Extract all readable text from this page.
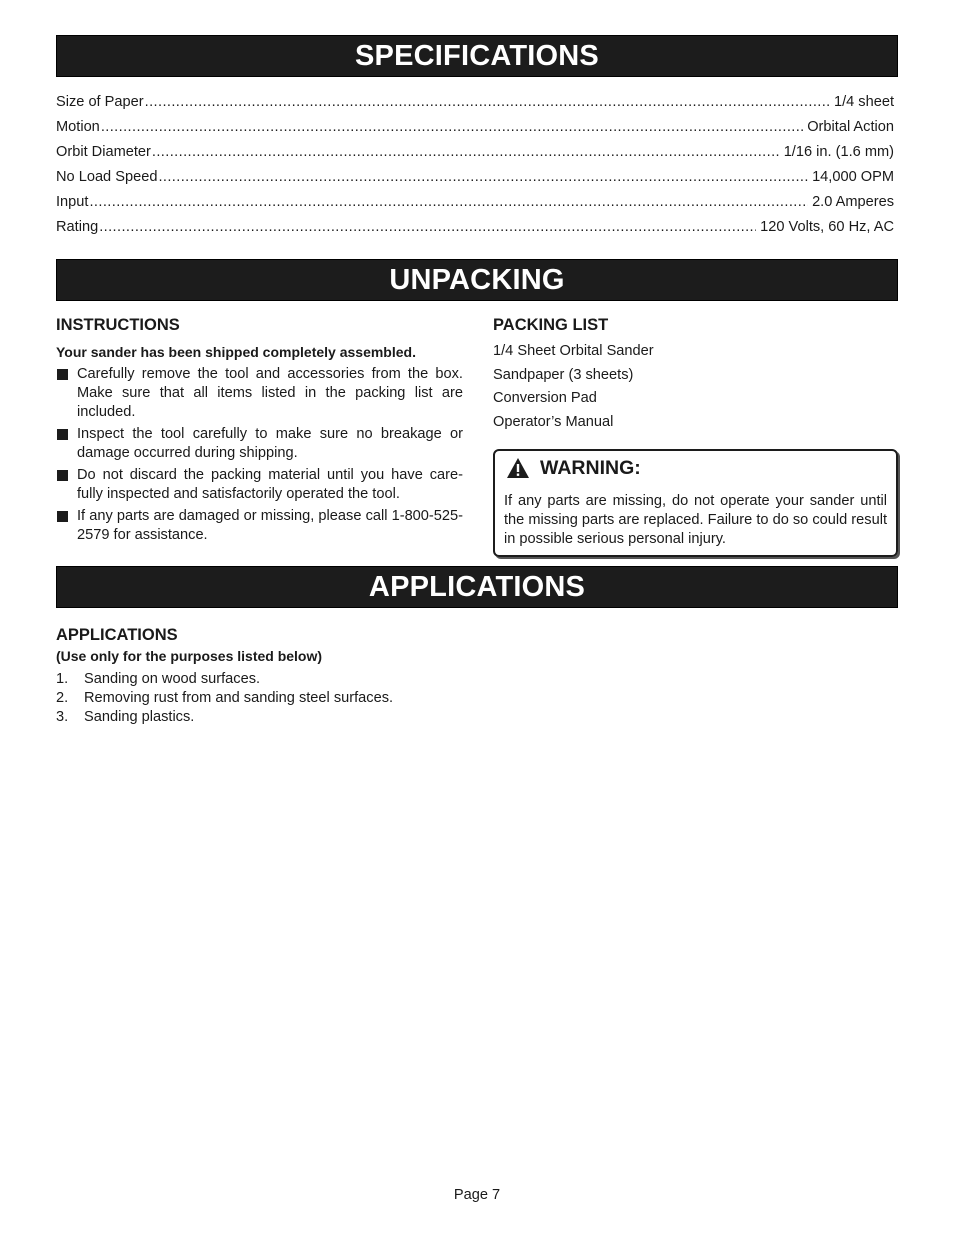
SPECIFICATIONS
Size of Paper .....	1/4 sheet
Motion .....	Orbital Action
Orbit Diameter .....	1/16 in. (1.6 mm)
No Load Speed .....	14,000 OPM
Input .....	2.0 Amperes
Rating .....	120 Volts, 60 Hz, AC
UNPACKING
INSTRUCTIONS
Your sander has been shipped completely assembled.
Carefully remove the tool and accessories from the box. Make sure that all items listed in the packing list are included.
Inspect the tool carefully to make sure no breakage or damage occurred during shipping.
Do not discard the packing material until you have care-fully inspected and satisfactorily operated the tool.
If any parts are damaged or missing, please call 1-800-525-2579 for assistance.
PACKING LIST
1/4 Sheet Orbital Sander
Sandpaper (3 sheets)
Conversion Pad
Operator’s Manual
WARNING:
If any parts are missing, do not operate your sander until the missing parts are replaced. Failure to do so could result in possible serious personal injury.
APPLICATIONS
APPLICATIONS
(Use only for the purposes listed below)
1.	Sanding on wood surfaces.
2.	Removing rust from and sanding steel surfaces.
3.	Sanding plastics.
Page 7
